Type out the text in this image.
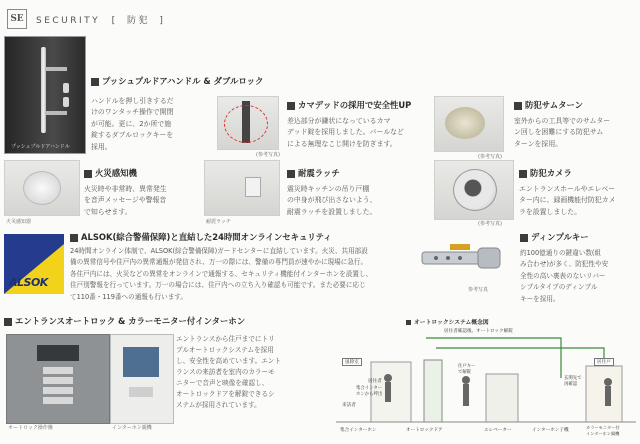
SE	SECURITY [ 防犯 ]
プッシュプルドアハンドル
プッシュプルドアハンドル & ダブルロック
ハンドルを押し引きするだ
けのワンタッチ操作で開閉
が可能。更に、2か所で施
錠するダブルロックキーを
採用。
(参考写真)
カマデッドの採用で安全性UP
差込部分が鎌状になっているカマ
デッド錠を採用しました。バールなど
による無理なこじ開けを防ぎます。
(参考写真)
防犯サムターン
室外からの工具等でのサムター
ン回しを困難にする防犯サム
ターンを採用。
火災感知器
火災感知機
火災時や非常時、異常発生
を音声メッセージや警報音
で知らせます。
耐震ラッチ
耐震ラッチ
震災時キッチンの吊り戸棚
の中身が飛び出さないよう、
耐震ラッチを設置しました。
(参考写真)
防犯カメラ
エントランスホールやエレベー
ター内に、録画機能付防犯カメ
ラを設置しました。
ALSOK
ALSOK(綜合警備保障)と直結した24時間オンラインセキュリティ
24時間オンライン体制で、ALSOK(綜合警備保障)ガードセンターに直結しています。火災、共用部設
備の異常信号や住戸内の異常通報が発信され、万一の際には、警備の専門員が速やかに現場に急行。
各住戸内には、火災などの異常をオンラインで通報する、セキュリティ機能付インターホンを設置し、
住戸別警報を行っています。万一の場合には、住戸内への立ち入り確認も可能です。また必要に応じ
て110番・119番への通報も行います。
参考写真
ディンプルキー
約100億通りの鍵違い数(組
み合わせ)が多く、防犯性や安
全性の高い裏表のないリバー
シブルタイプのディンプル
キーを採用。
エントランスオートロック & カラーモニター付インターホン
オートロック操作盤	インターホン親機
エントランスから住戸までにトリ
プルオートロックシステムを採用
し、安全性を高めています。エント
ランスの来訪者を室内のカラーモ
ニターで音声と映像を確認し、
オートロックドアを解錠できるシ
ステムが採用されています。
オートロックシステム概念図
居住者確認後、オートロック解錠
風除室
居住者
集合インター
ホンから呼出
来訪者
住戸キー
で解錠
玄関先で
再確認
居住戸
集合インターホン	オートロックドア	エレベーター	インターホン子機
カラーモニター付
インターホン親機
